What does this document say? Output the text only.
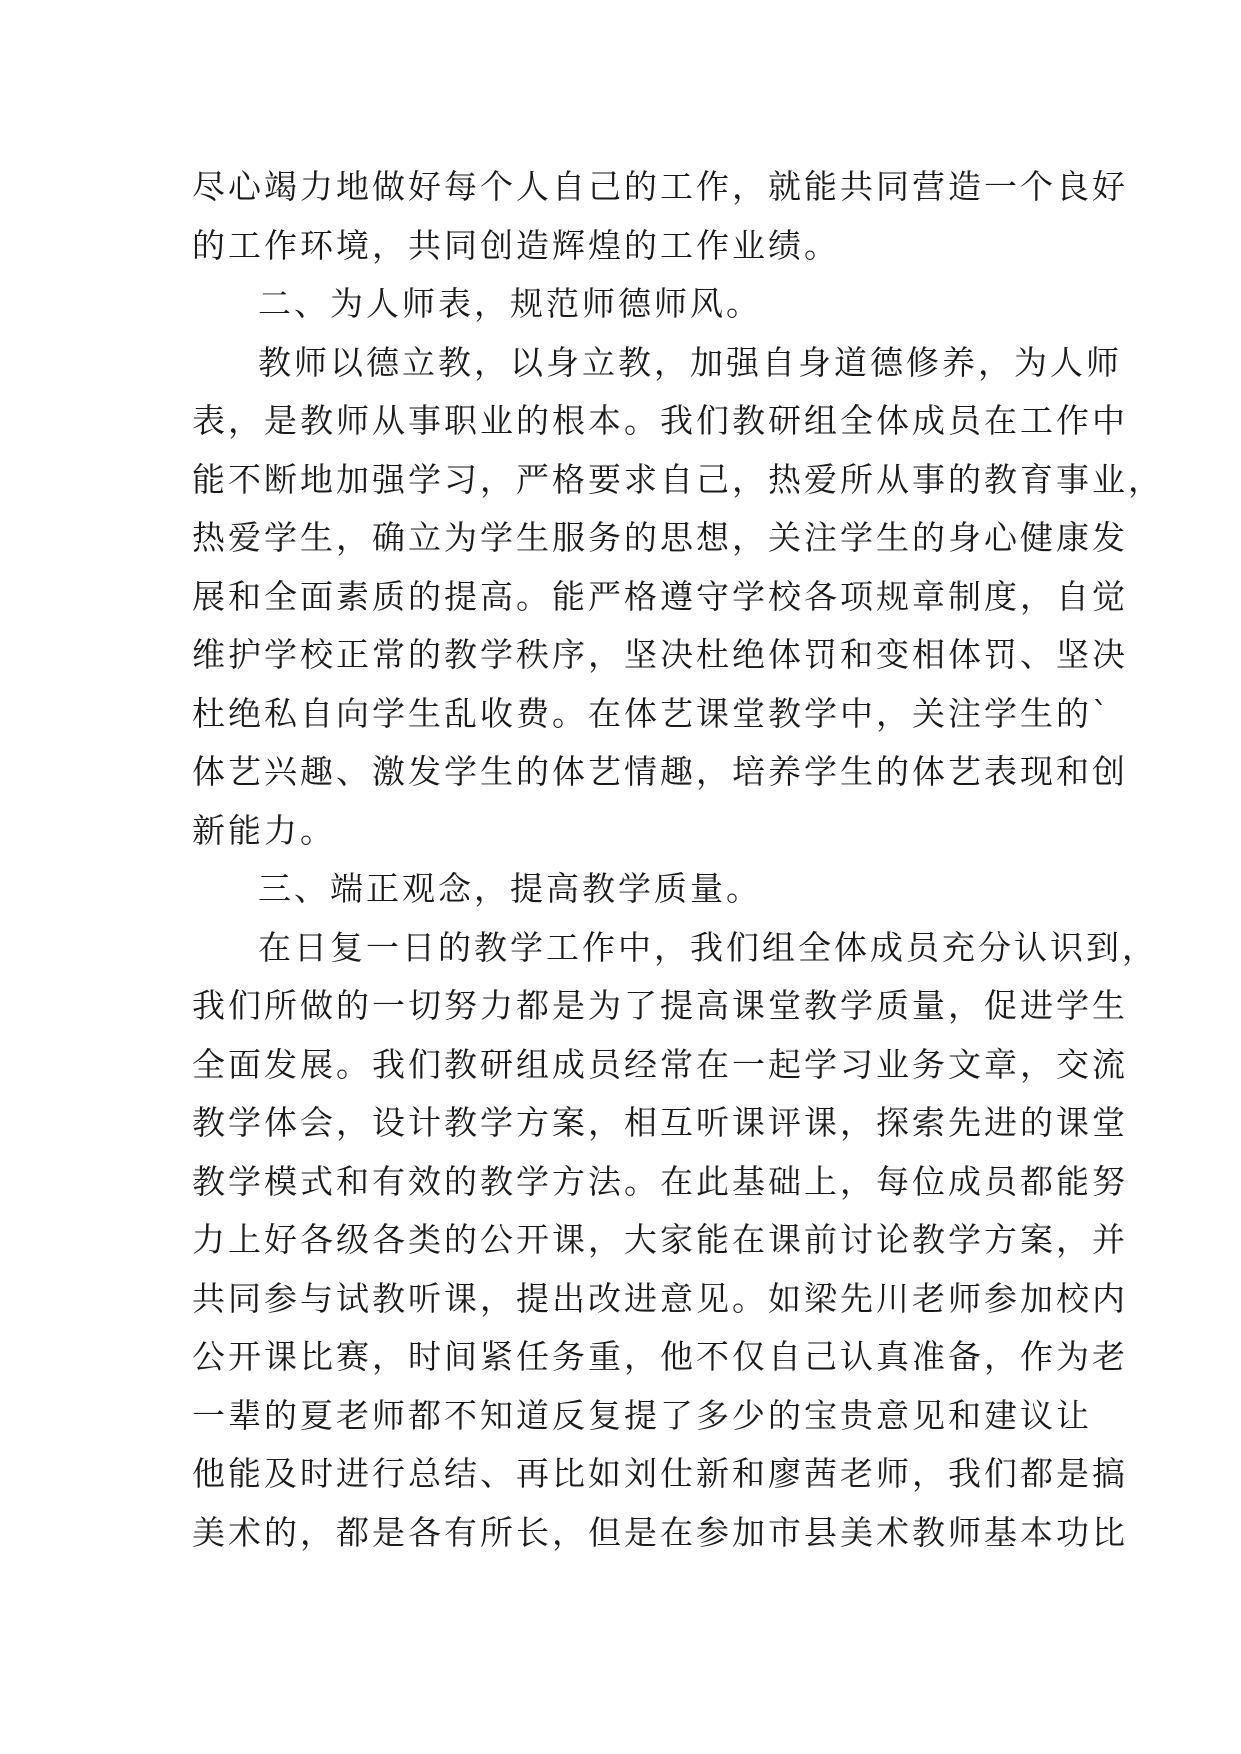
尽心竭力地做好每个人自己的工作，就能共同营造一个良好
的工作环境，共同创造辉煌的工作业绩。
二、为人师表，规范师德师风。
教师以德立教，以身立教，加强自身道德修养，为人师
表，是教师从事职业的根本。我们教研组全体成员在工作中
能不断地加强学习，严格要求自己，热爱所从事的教育事业，
热爱学生，确立为学生服务的思想，关注学生的身心健康发
展和全面素质的提高。能严格遵守学校各项规章制度，自觉
维护学校正常的教学秩序，坚决杜绝体罚和变相体罚、坚决
杜绝私自向学生乱收费。在体艺课堂教学中，关注学生的`
体艺兴趣、激发学生的体艺情趣，培养学生的体艺表现和创
新能力。
三、端正观念，提高教学质量。
在日复一日的教学工作中，我们组全体成员充分认识到，
我们所做的一切努力都是为了提高课堂教学质量，促进学生
全面发展。我们教研组成员经常在一起学习业务文章，交流
教学体会，设计教学方案，相互听课评课，探索先进的课堂
教学模式和有效的教学方法。在此基础上，每位成员都能努
力上好各级各类的公开课，大家能在课前讨论教学方案，并
共同参与试教听课，提出改进意见。如梁先川老师参加校内
公开课比赛，时间紧任务重，他不仅自己认真准备，作为老
一辈的夏老师都不知道反复提了多少的宝贵意见和建议让
他能及时进行总结、再比如刘仕新和廖茜老师，我们都是搞
美术的，都是各有所长，但是在参加市县美术教师基本功比
